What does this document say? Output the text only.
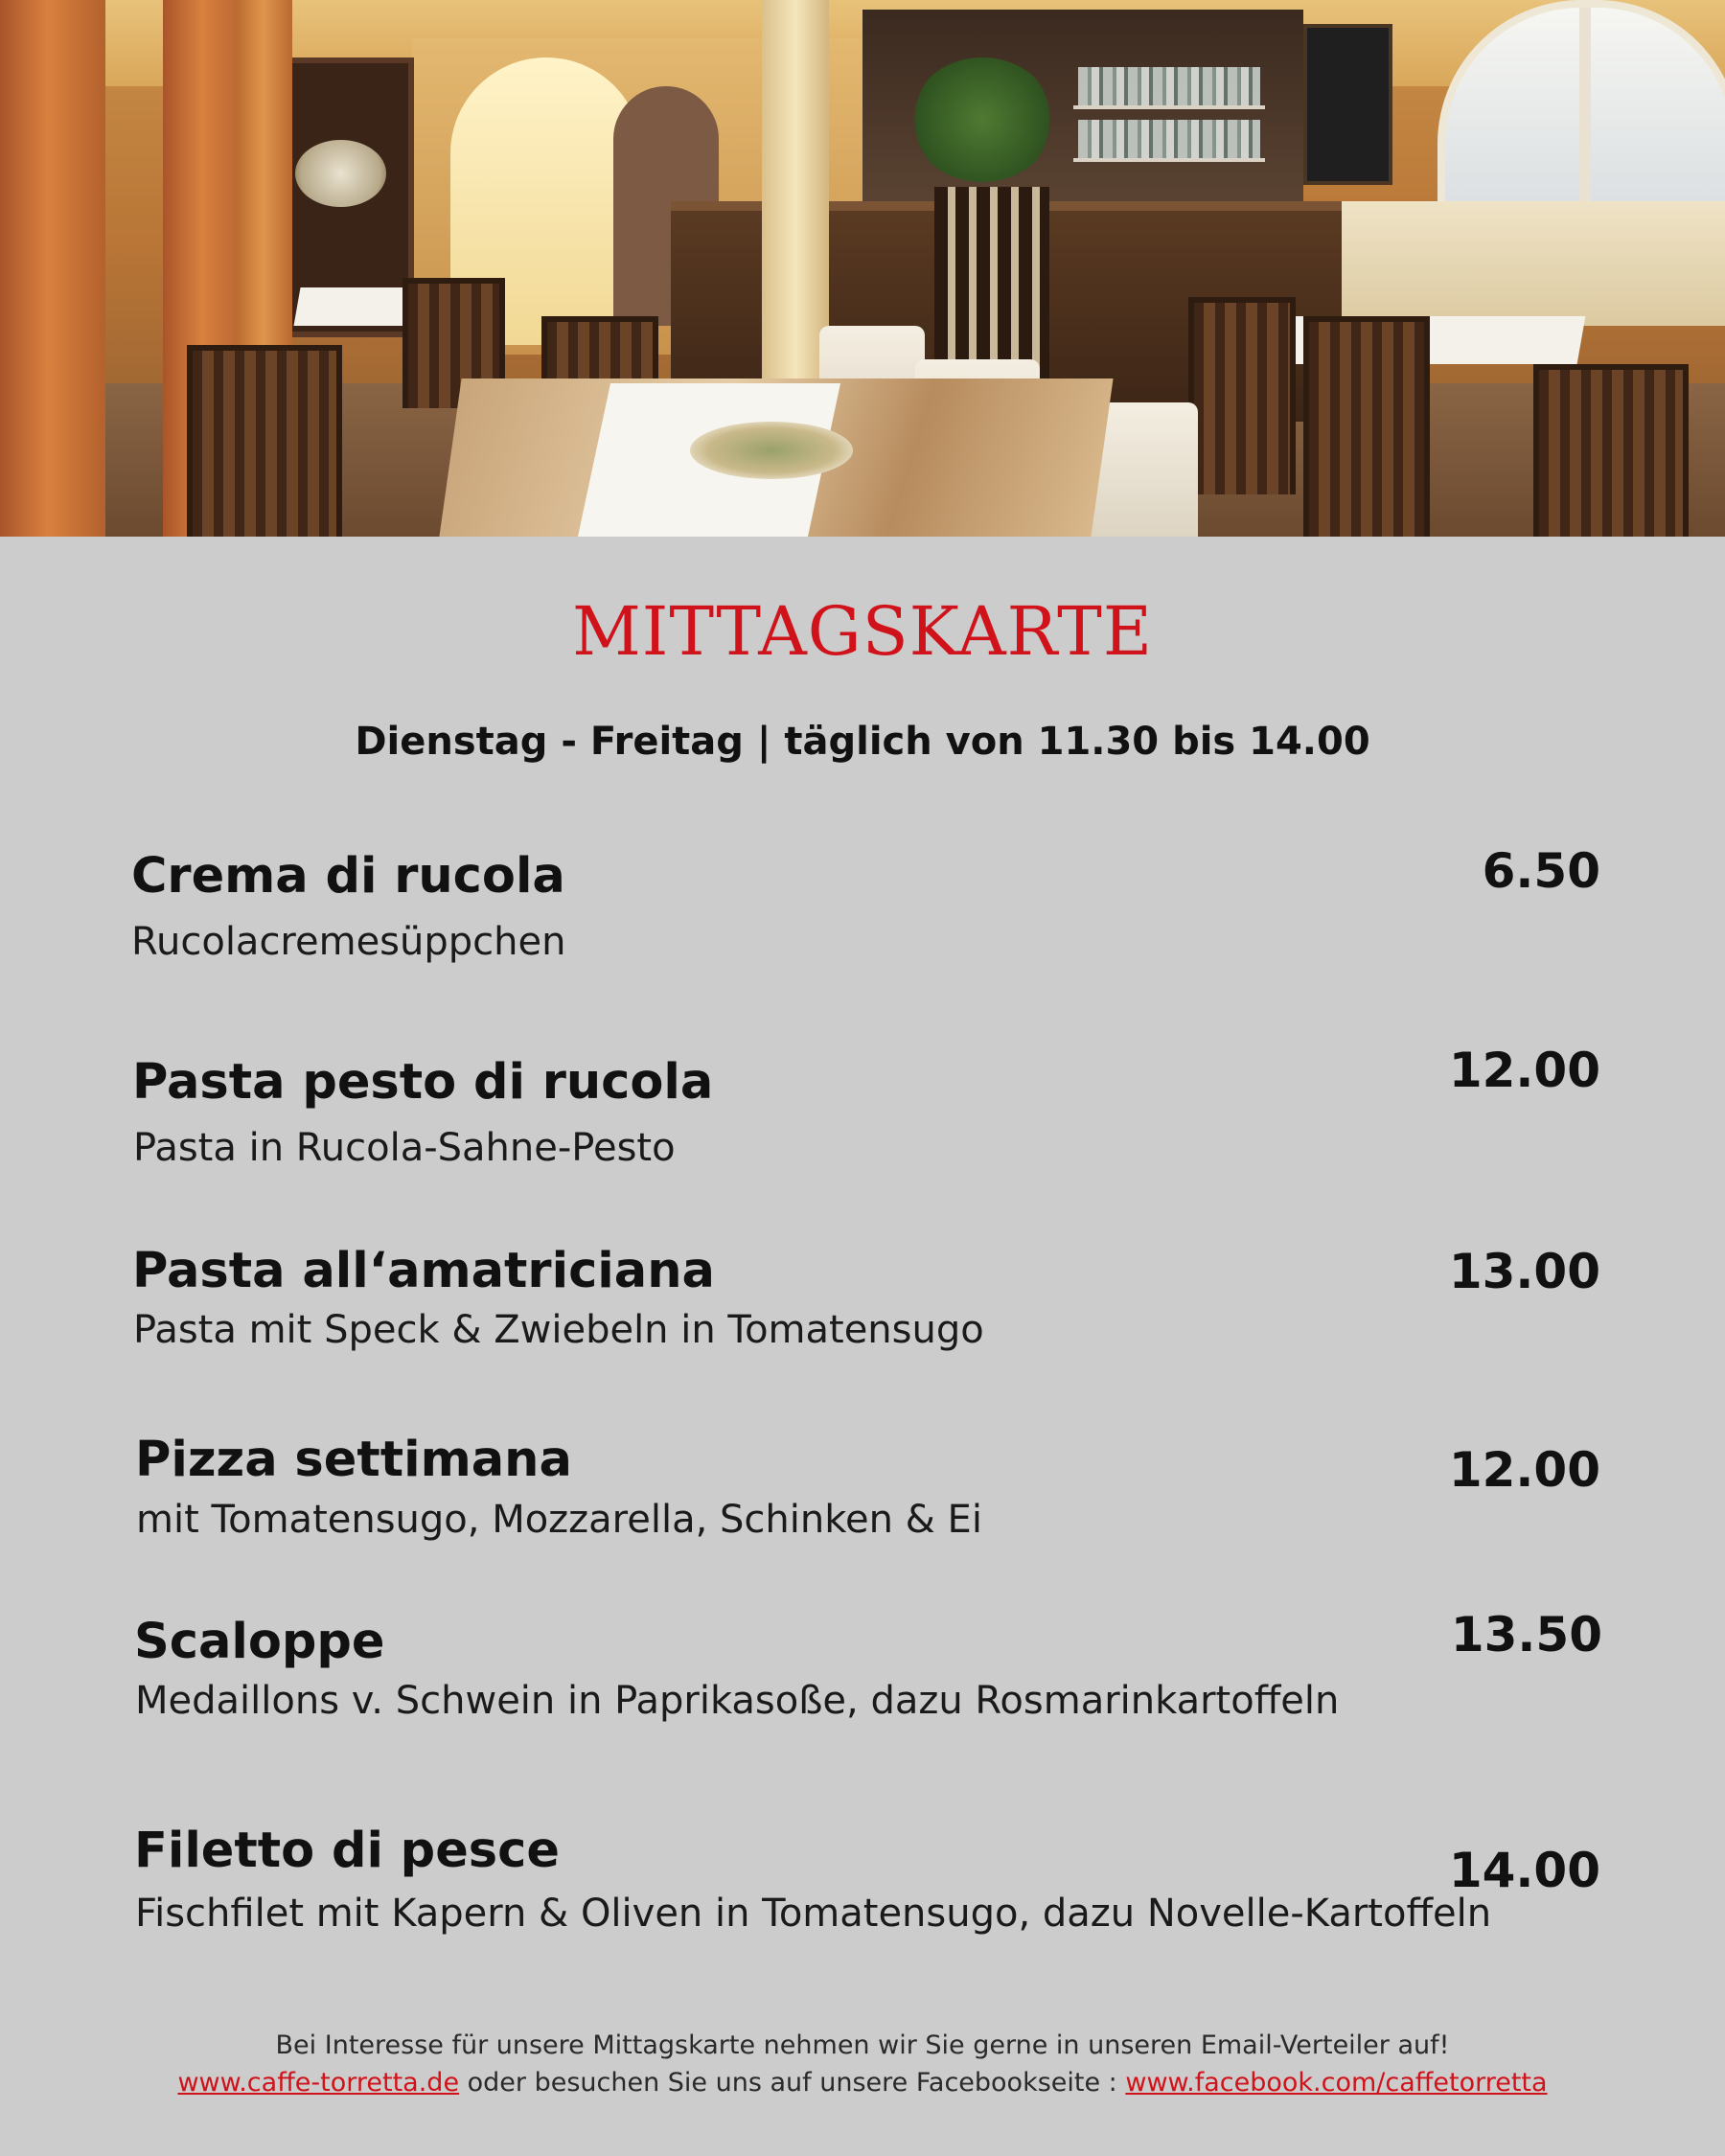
MITTAGSKARTE
Dienstag - Freitag | täglich von 11.30 bis 14.00
Crema di rucola
Rucolacremesüppchen
6.50
Pasta pesto di rucola
Pasta in Rucola-Sahne-Pesto
12.00
Pasta all‘amatriciana
Pasta mit Speck & Zwiebeln in Tomatensugo
13.00
Pizza settimana
mit Tomatensugo, Mozzarella, Schinken & Ei
12.00
Scaloppe
Medaillons v. Schwein in Paprikasoße, dazu Rosmarinkartoffeln
13.50
Filetto di pesce
Fischfilet mit Kapern & Oliven in Tomatensugo, dazu Novelle-Kartoffeln
14.00
Bei Interesse für unsere Mittagskarte nehmen wir Sie gerne in unseren Email-Verteiler auf!
www.caffe-torretta.de oder besuchen Sie uns auf unsere Facebookseite : www.facebook.com/caffetorretta
